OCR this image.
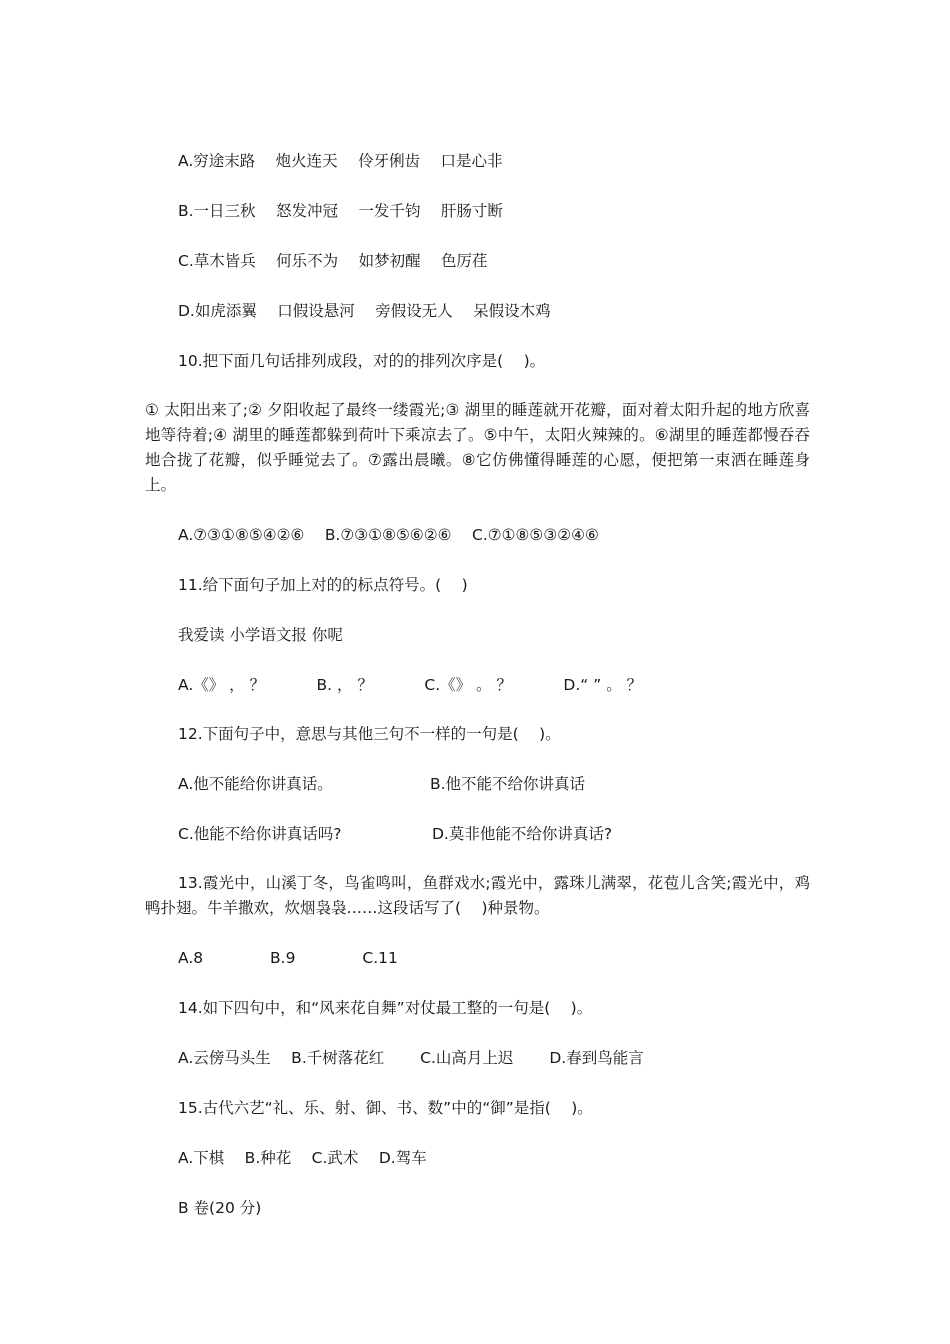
A.穷途末路　 炮火连天　 伶牙俐齿　 口是心非
B.一日三秋　 怒发冲冠　 一发千钧　 肝肠寸断
C.草木皆兵　 何乐不为　 如梦初醒　 色厉荏
D.如虎添翼　 口假设悬河　 旁假设无人　 呆假设木鸡
10.把下面几句话排列成段，对的的排列次序是(　 )。
① 太阳出来了;② 夕阳收起了最终一缕霞光;③ 湖里的睡莲就开花瓣，面对着太阳升起的地方欣喜地等待着;④ 湖里的睡莲都躲到荷叶下乘凉去了。⑤中午，太阳火辣辣的。⑥湖里的睡莲都慢吞吞地合拢了花瓣，似乎睡觉去了。⑦露出晨曦。⑧它仿佛懂得睡莲的心愿，便把第一束洒在睡莲身上。
A.⑦③①⑧⑤④②⑥　 B.⑦③①⑧⑤⑥②⑥　 C.⑦①⑧⑤③②④⑥
11.给下面句子加上对的的标点符号。(　 )
我爱读 小学语文报 你呢
A.《》 ， ？　　　 B. ， ？　　　 C.《》 。 ？　　　 D.“ ” 。 ？
12.下面句子中，意思与其他三句不一样的一句是(　 )。
A.他不能给你讲真话。	B.他不能不给你讲真话
C.他能不给你讲真话吗?	D.莫非他能不给你讲真话?
13.霞光中，山溪丁冬，鸟雀鸣叫，鱼群戏水;霞光中，露珠儿满翠，花苞儿含笑;霞光中，鸡鸭扑翅。牛羊撒欢，炊烟袅袅……这段话写了(　 )种景物。
A.8　　　　 B.9　　　　 C.11
14.如下四句中，和“风来花自舞”对仗最工整的一句是(　 )。
A.云傍马头生　 B.千树落花红　　 C.山高月上迟　　 D.春到鸟能言
15.古代六艺“礼、乐、射、御、书、数”中的“御”是指(　 )。
A.下棋　 B.种花　 C.武术　 D.驾车
B 卷(20 分)
